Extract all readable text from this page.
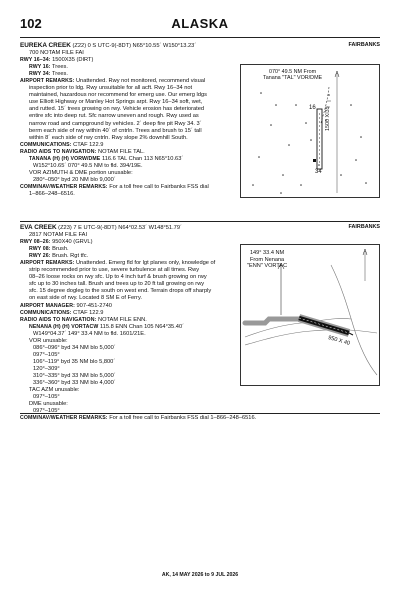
102	ALASKA
FAIRBANKS
EUREKA CREEK (Z22) 0 S UTC-9(-8DT) N65°10.55´ W150°13.23´
700 NOTAM FILE FAI
RWY 16–34: 1500X35 (DIRT)
RWY 16: Trees.
RWY 34: Trees.
AIRPORT REMARKS: Unattended. Rwy not monitored, recommend visual
inspection prior to ldg. Rwy unsuitable for all acft. Rwy 16–34 not
maintained, hazardous nor recommend for emerg use. Our emerg ldgs
use Elliott Highway or Manley Hot Springs arpt. Rwy 16–34 soft, wet,
and rutted. 15´ trees growing on rwy. Vehicle erosion has deteriorated
entire sfc into deep rut. Sfc narrow uneven and rough. Rwy used as
narrow road and campground by vehicles. 2´ deep fire pit Rwy 34. 3´
berm each side of rwy within 40´ of cntrln. Trees and brush to 15´ tall
within 8´ each side of rwy cntrln. Rwy slope 2% downhill South.
COMMUNICATIONS: CTAF 122.9
RADIO AIDS TO NAVIGATION: NOTAM FILE TAL.
TANANA (H) (H) VORW/DME 116.6 TAL Chan 113 N65°10.63´
W152°10.65´ 070° 49.5 NM to fld. 394/19E.
VOR AZIMUTH & DME portion unusable:
280°–050° byd 20 NM blo 9,000´
COMM/NAV/WEATHER REMARKS: For a toll free call to Fairbanks FSS dial
1–866–248–6516.
070° 49.5 NM From
Tanana "TAL" VOR/DME
16
34
1500 X 35
FAIRBANKS
EVA CREEK (Z23) 7 E UTC-9(-8DT) N64°02.53´ W148°51.79´
2817 NOTAM FILE FAI
RWY 08–26: 950X40 (GRVL)
RWY 08: Brush.
RWY 26: Brush. Rgt tfc.
AIRPORT REMARKS: Unattended. Emerg fld for lgt planes only, knowledge of
strip recommended prior to use, severe turbulence at all times. Rwy
08–26 loose rocks on rwy sfc. Up to 4 inch turf & brush growing on rwy
sfc up to 30 inches tall. Brush and trees up to 20 ft tall growing on rwy
sfc. 15 degree dogleg to the south on west end. Terrain drops off sharply
on east side of rwy. Located 8 SM E of Ferry.
AIRPORT MANAGER: 907-451-2740
COMMUNICATIONS: CTAF 122.9
RADIO AIDS TO NAVIGATION: NOTAM FILE ENN.
NENANA (H) (H) VORTACW 115.8 ENN Chan 105 N64°35.40´
W149°04.37´ 149° 33.4 NM to fld. 1601/21E.
VOR unusable:
086°–096° byd 34 NM blo 5,000´
097°–105°
106°–119° byd 35 NM blo 5,800´
120°–309°
310°–335° byd 33 NM blo 5,000´
336°–360° byd 33 NM blo 4,000´
TAC AZM unusable:
097°–105°
DME unusable:
097°–105°
COMM/NAV/WEATHER REMARKS: For a toll free call to Fairbanks FSS dial 1–866–248–6516.
149° 33.4 NM
From Nenana
"ENN" VORTAC
950 X 40
AK, 14 MAY 2026 to 9 JUL 2026
